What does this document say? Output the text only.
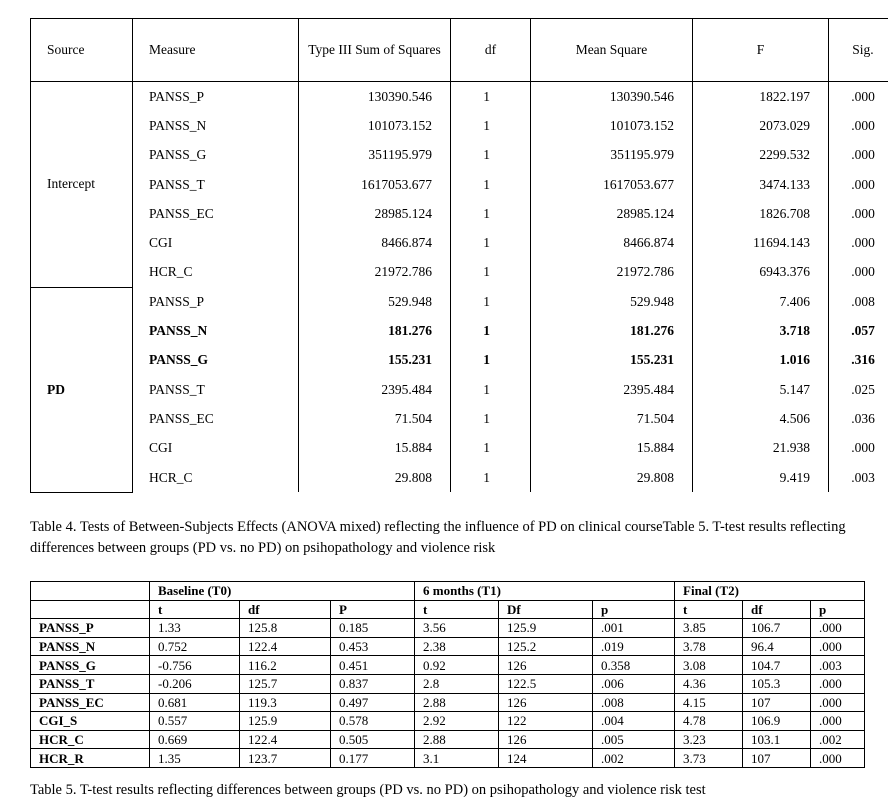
Source	Measure	Type III Sum of Squares	df	Mean Square	F	Sig.
Intercept	PANSS_P	130390.546	1	130390.546	1822.197	.000
	PANSS_N	101073.152	1	101073.152	2073.029	.000
	PANSS_G	351195.979	1	351195.979	2299.532	.000
	PANSS_T	1617053.677	1	1617053.677	3474.133	.000
	PANSS_EC	28985.124	1	28985.124	1826.708	.000
	CGI	8466.874	1	8466.874	11694.143	.000
	HCR_C	21972.786	1	21972.786	6943.376	.000
PD	PANSS_P	529.948	1	529.948	7.406	.008
	PANSS_N	181.276	1	181.276	3.718	.057
	PANSS_G	155.231	1	155.231	1.016	.316
	PANSS_T	2395.484	1	2395.484	5.147	.025
	PANSS_EC	71.504	1	71.504	4.506	.036
	CGI	15.884	1	15.884	21.938	.000
	HCR_C	29.808	1	29.808	9.419	.003

Table 4. Tests of Between-Subjects Effects (ANOVA mixed) reflecting the influence of PD on clinical courseTable 5. T-test results reflecting differences between groups (PD vs. no PD) on psihopathology and violence risk

	Baseline (T0)			6 months (T1)			Final (T2)		
	t	df	P	t	Df	p	t	df	p
PANSS_P	1.33	125.8	0.185	3.56	125.9	.001	3.85	106.7	.000
PANSS_N	0.752	122.4	0.453	2.38	125.2	.019	3.78	96.4	.000
PANSS_G	-0.756	116.2	0.451	0.92	126	0.358	3.08	104.7	.003
PANSS_T	-0.206	125.7	0.837	2.8	122.5	.006	4.36	105.3	.000
PANSS_EC	0.681	119.3	0.497	2.88	126	.008	4.15	107	.000
CGI_S	0.557	125.9	0.578	2.92	122	.004	4.78	106.9	.000
HCR_C	0.669	122.4	0.505	2.88	126	.005	3.23	103.1	.002
HCR_R	1.35	123.7	0.177	3.1	124	.002	3.73	107	.000

Table 5. T-test results reflecting differences between groups (PD vs. no PD) on psihopathology and violence risk test
